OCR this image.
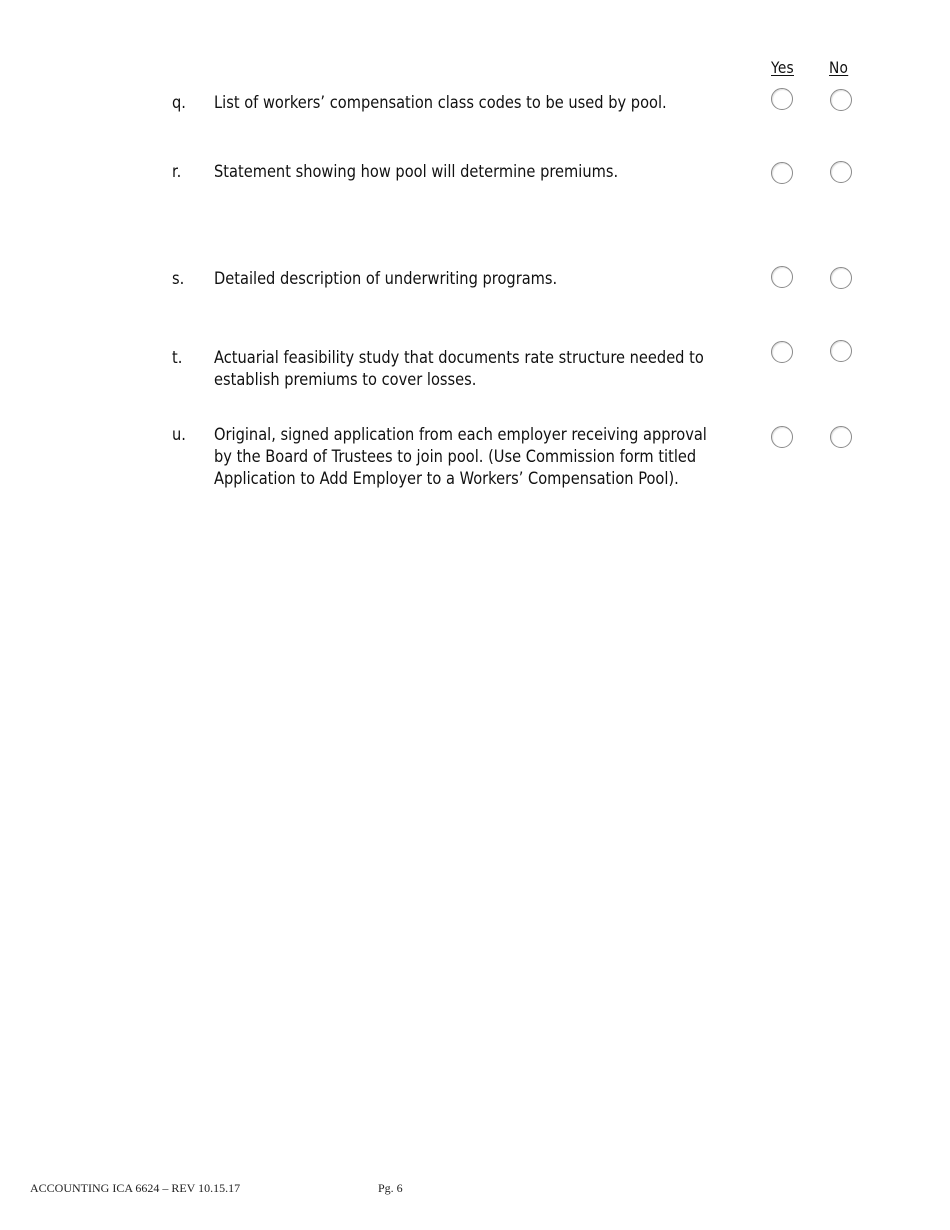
Yes No
q.	List of workers’ compensation class codes to be used by pool.
r.	Statement showing how pool will determine premiums.
s.	Detailed description of underwriting programs.
t.	Actuarial feasibility study that documents rate structure needed to establish premiums to cover losses.
u.	Original, signed application from each employer receiving approval by the Board of Trustees to join pool. (Use Commission form titled Application to Add Employer to a Workers’ Compensation Pool).
ACCOUNTING ICA 6624 – REV 10.15.17	Pg. 6
